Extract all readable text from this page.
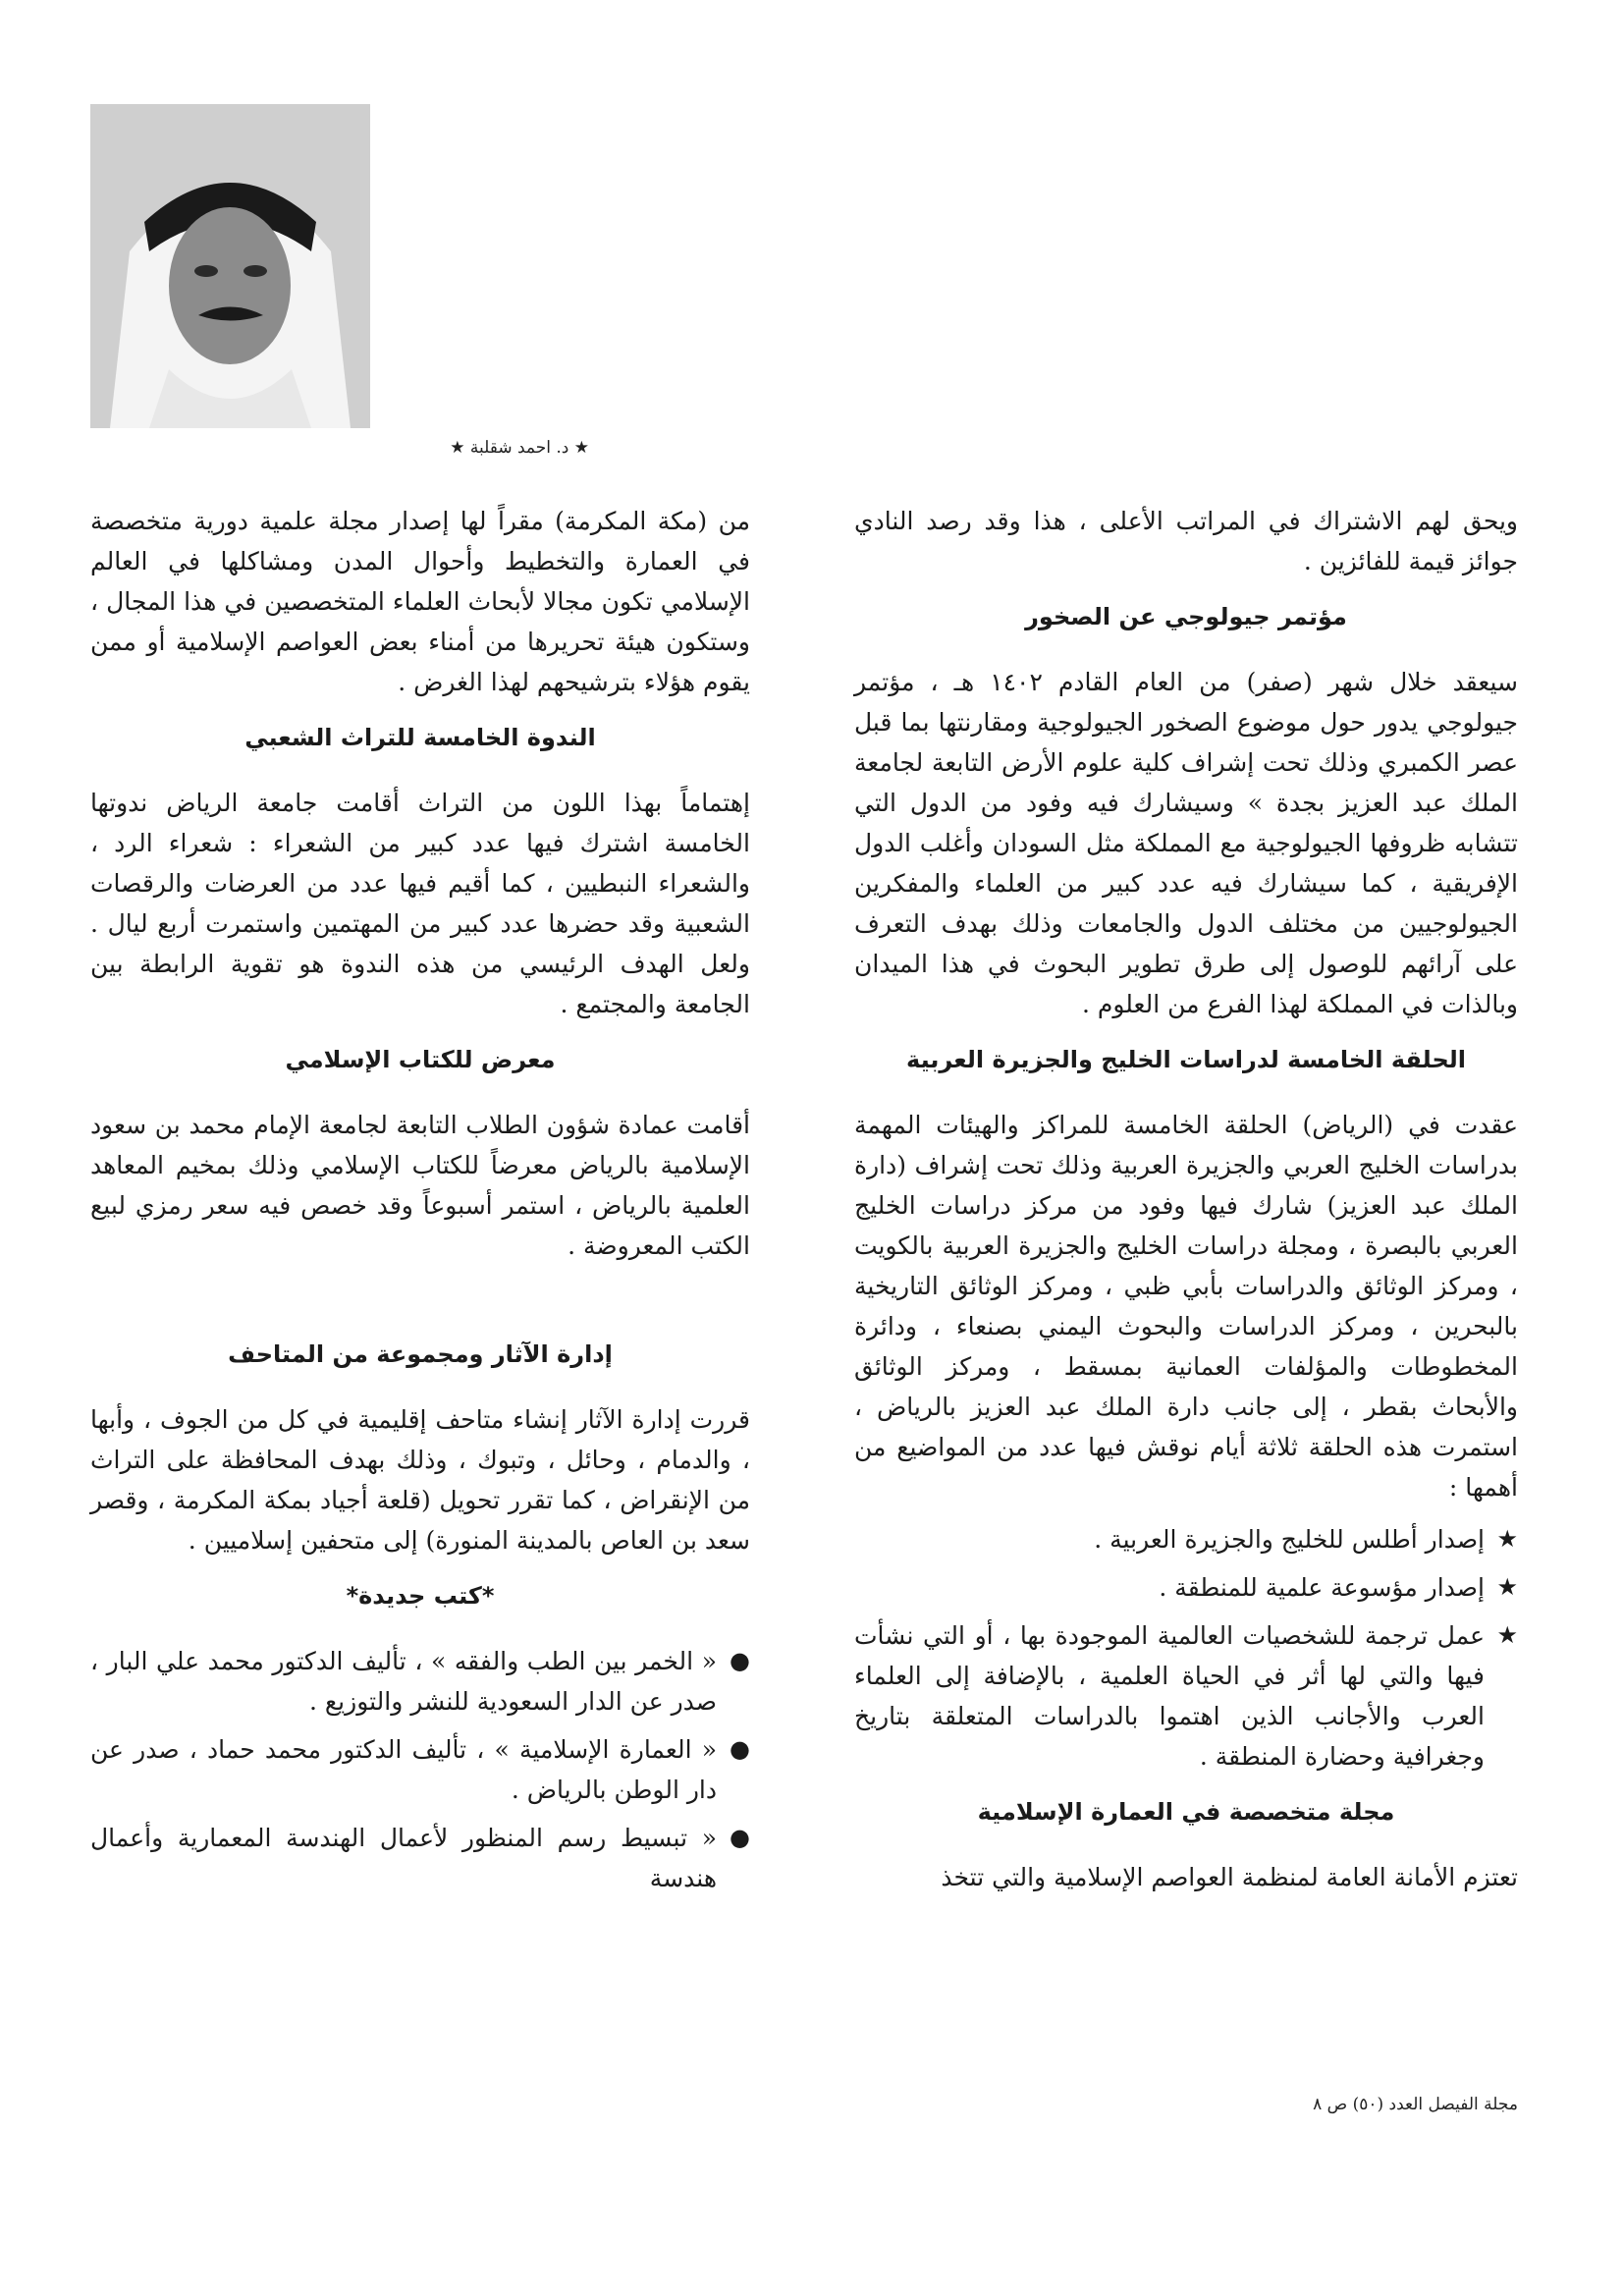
★ د. احمد شقلبة ★

ويحق لهم الاشتراك في المراتب الأعلى ، هذا وقد رصد النادي جوائز قيمة للفائزين .

مؤتمر جيولوجي عن الصخور

سيعقد خلال شهر (صفر) من العام القادم ١٤٠٢ هـ ، مؤتمر جيولوجي يدور حول موضوع الصخور الجيولوجية ومقارنتها بما قبل عصر الكمبري وذلك تحت إشراف كلية علوم الأرض التابعة لجامعة الملك عبد العزيز بجدة » وسيشارك فيه وفود من الدول التي تتشابه ظروفها الجيولوجية مع المملكة مثل السودان وأغلب الدول الإفريقية ، كما سيشارك فيه عدد كبير من العلماء والمفكرين الجيولوجيين من مختلف الدول والجامعات وذلك بهدف التعرف على آرائهم للوصول إلى طرق تطوير البحوث في هذا الميدان وبالذات في المملكة لهذا الفرع من العلوم .

الحلقة الخامسة لدراسات الخليج والجزيرة العربية

عقدت في (الرياض) الحلقة الخامسة للمراكز والهيئات المهمة بدراسات الخليج العربي والجزيرة العربية وذلك تحت إشراف (دارة الملك عبد العزيز) شارك فيها وفود من مركز دراسات الخليج العربي بالبصرة ، ومجلة دراسات الخليج والجزيرة العربية بالكويت ، ومركز الوثائق والدراسات بأبي ظبي ، ومركز الوثائق التاريخية بالبحرين ، ومركز الدراسات والبحوث اليمني بصنعاء ، ودائرة المخطوطات والمؤلفات العمانية بمسقط ، ومركز الوثائق والأبحاث بقطر ، إلى جانب دارة الملك عبد العزيز بالرياض ، استمرت هذه الحلقة ثلاثة أيام نوقش فيها عدد من المواضيع من أهمها :

★
إصدار أطلس للخليج والجزيرة العربية .
★
إصدار مؤسوعة علمية للمنطقة .
★
عمل ترجمة للشخصيات العالمية الموجودة بها ، أو التي نشأت فيها والتي لها أثر في الحياة العلمية ، بالإضافة إلى العلماء العرب والأجانب الذين اهتموا بالدراسات المتعلقة بتاريخ وجغرافية وحضارة المنطقة .
مجلة متخصصة في العمارة الإسلامية

تعتزم الأمانة العامة لمنظمة العواصم الإسلامية والتي تتخذ

من (مكة المكرمة) مقراً لها إصدار مجلة علمية دورية متخصصة في العمارة والتخطيط وأحوال المدن ومشاكلها في العالم الإسلامي تكون مجالا لأبحاث العلماء المتخصصين في هذا المجال ، وستكون هيئة تحريرها من أمناء بعض العواصم الإسلامية أو ممن يقوم هؤلاء بترشيحهم لهذا الغرض .

الندوة الخامسة للتراث الشعبي

إهتماماً بهذا اللون من التراث أقامت جامعة الرياض ندوتها الخامسة اشترك فيها عدد كبير من الشعراء : شعراء الرد ، والشعراء النبطيين ، كما أقيم فيها عدد من العرضات والرقصات الشعبية وقد حضرها عدد كبير من المهتمين واستمرت أربع ليال . ولعل الهدف الرئيسي من هذه الندوة هو تقوية الرابطة بين الجامعة والمجتمع .

معرض للكتاب الإسلامي

أقامت عمادة شؤون الطلاب التابعة لجامعة الإمام محمد بن سعود الإسلامية بالرياض معرضاً للكتاب الإسلامي وذلك بمخيم المعاهد العلمية بالرياض ، استمر أسبوعاً وقد خصص فيه سعر رمزي لبيع الكتب المعروضة .

إدارة الآثار ومجموعة من المتاحف

قررت إدارة الآثار إنشاء متاحف إقليمية في كل من الجوف ، وأبها ، والدمام ، وحائل ، وتبوك ، وذلك بهدف المحافظة على التراث من الإنقراض ، كما تقرر تحويل (قلعة أجياد بمكة المكرمة ، وقصر سعد بن العاص بالمدينة المنورة) إلى متحفين إسلاميين .

*كتب جديدة*
●
« الخمر بين الطب والفقه » ، تأليف الدكتور محمد علي البار ، صدر عن الدار السعودية للنشر والتوزيع .
●
« العمارة الإسلامية » ، تأليف الدكتور محمد حماد ، صدر عن دار الوطن بالرياض .
●
« تبسيط رسم المنظور لأعمال الهندسة المعمارية وأعمال هندسة
مجلة الفيصل العدد (٥٠) ص ٨
